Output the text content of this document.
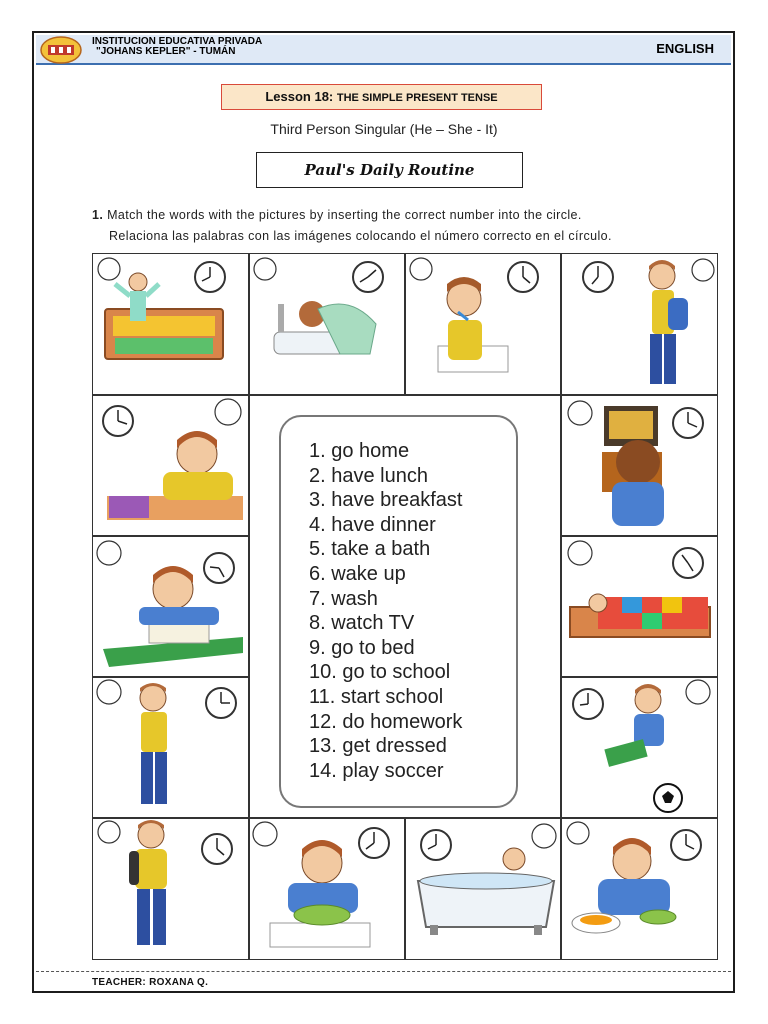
INSTITUCION EDUCATIVA PRIVADA
"JOHANS KEPLER" - TUMÁN	ENGLISH
Lesson 18: THE SIMPLE PRESENT TENSE
Third Person Singular (He – She - It)
Paul's Daily Routine
1. Match the words with the pictures by inserting the correct number into the circle.
Relaciona las palabras con las imágenes colocando el número correcto en el círculo.
1. go home
2. have lunch
3. have breakfast
4. have dinner
5. take a bath
6. wake up
7. wash
8. watch TV
9. go to bed
10. go to school
11. start school
12. do homework
13. get dressed
14. play soccer
TEACHER: ROXANA Q.
